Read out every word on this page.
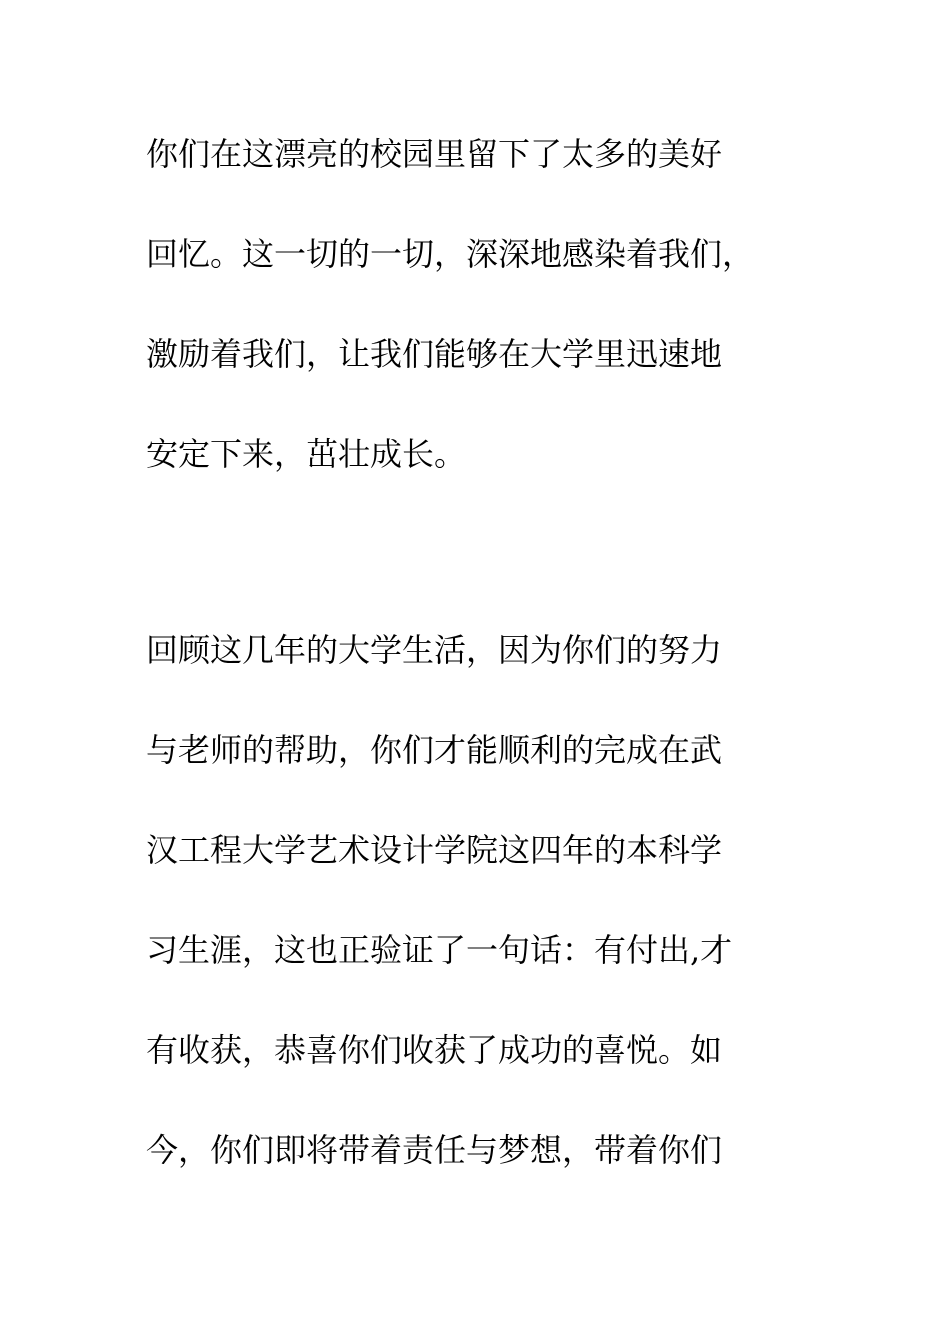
你们在这漂亮的校园里留下了太多的美好
回忆。这一切的一切，深深地感染着我们，
激励着我们，让我们能够在大学里迅速地
安定下来，茁壮成长。
回顾这几年的大学生活，因为你们的努力
与老师的帮助，你们才能顺利的完成在武
汉工程大学艺术设计学院这四年的本科学
习生涯，这也正验证了一句话：有付出,才
有收获，恭喜你们收获了成功的喜悦。如
今，你们即将带着责任与梦想，带着你们
